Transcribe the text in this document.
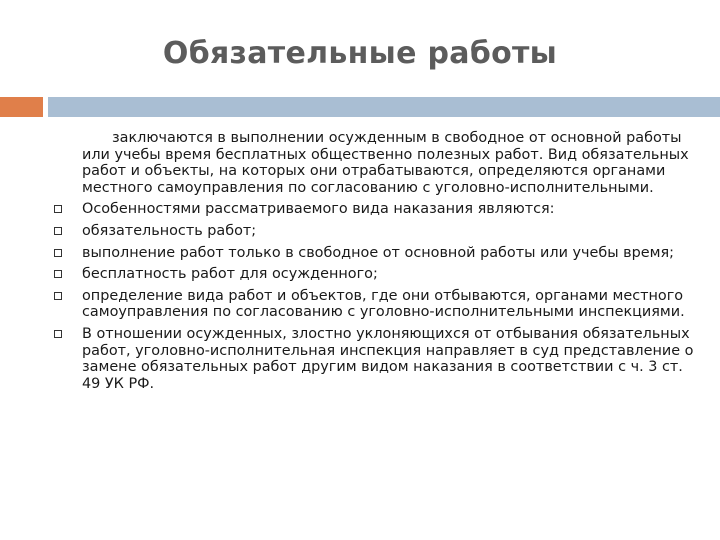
Обязательные работы

заключаются в выполнении осужденным в свободное от основной работы или учебы время бесплатных общественно полезных работ. Вид обязательных работ и объекты, на которых они отрабатываются, определяются органами местного самоуправления по согласованию с уголовно-исполнительными.

Особенностями рассматриваемого вида наказания являются:
обязательность работ;
выполнение работ только в свободное от основной работы или учебы время;
бесплатность работ для осужденного;
определение вида работ и объектов, где они отбываются, органами местного самоуправления по согласованию с уголовно-исполнительными инспекциями.
В отношении осужденных, злостно уклоняющихся от отбывания обязательных работ, уголовно-исполнительная инспекция направляет в суд представление о замене обязательных работ другим видом наказания в соответствии с ч. 3 ст. 49 УК РФ.
